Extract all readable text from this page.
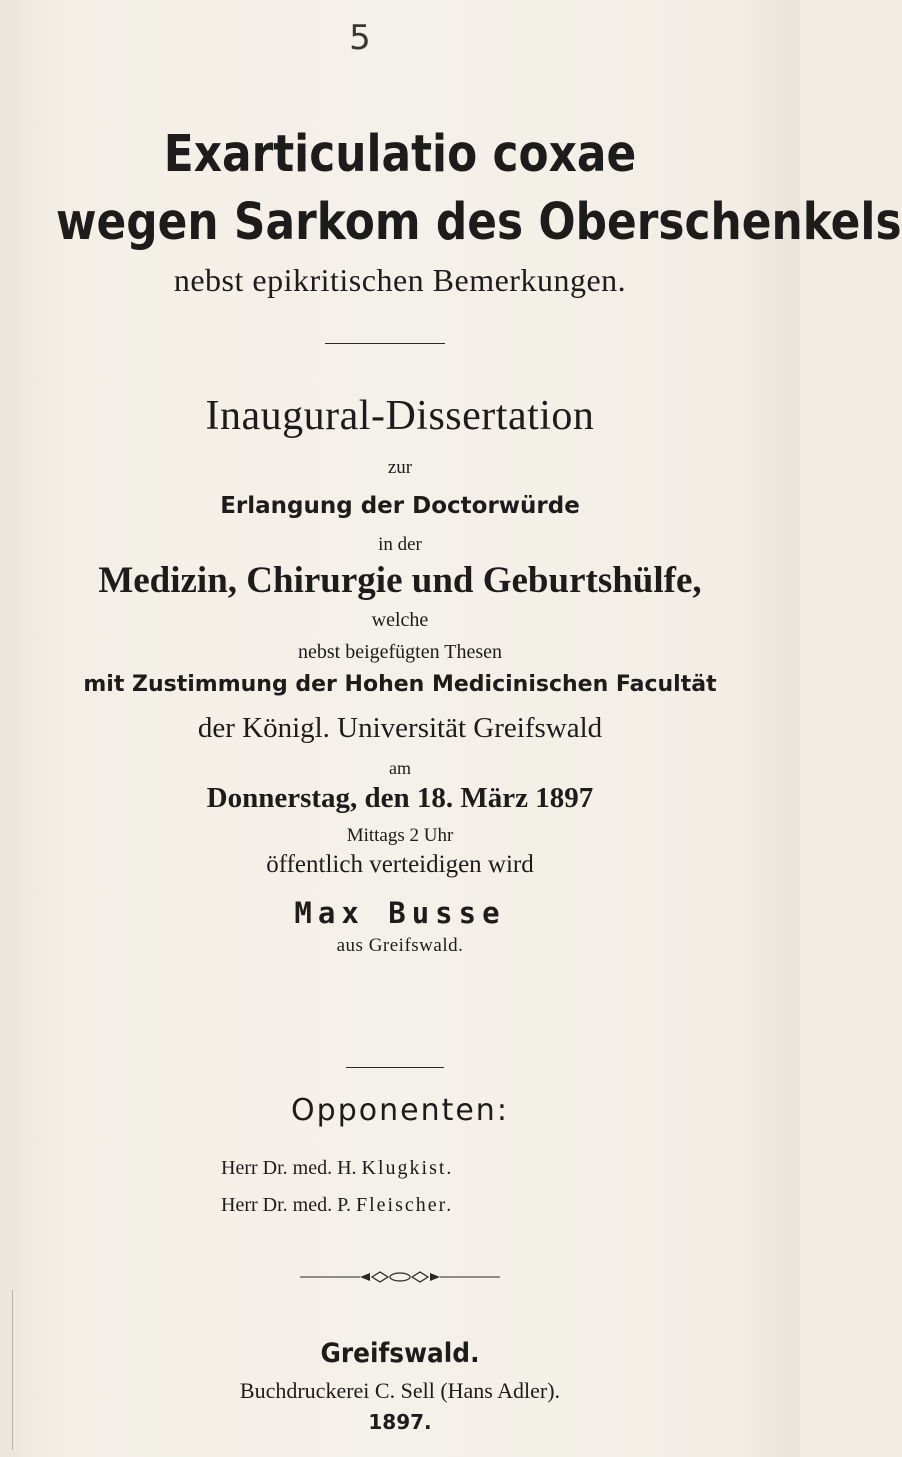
5
Exarticulatio coxae
wegen Sarkom des Oberschenkels
nebst epikritischen Bemerkungen.
Inaugural-Dissertation
zur
Erlangung der Doctorwürde
in der
Medizin, Chirurgie und Geburtshülfe,
welche
nebst beigefügten Thesen
mit Zustimmung der Hohen Medicinischen Facultät
der Königl. Universität Greifswald
am
Donnerstag, den 18. März 1897
Mittags 2 Uhr
öffentlich verteidigen wird
Max Busse
aus Greifswald.
Opponenten:
Herr Dr. med. H. Klugkist.
Herr Dr. med. P. Fleischer.
Greifswald.
Buchdruckerei C. Sell (Hans Adler).
1897.
